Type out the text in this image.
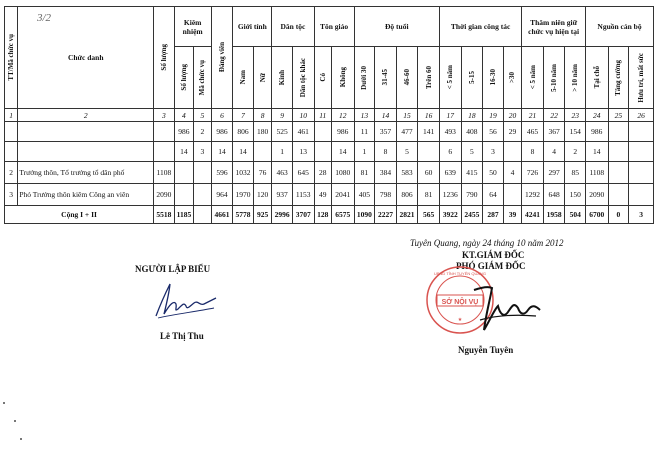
3/2
TT/Mã chức vụ	Chức danh	Số lượng	Kiêm nhiệm		Đảng viên	Giới tính		Dân tộc		Tôn giáo		Độ tuổi				Thời gian công tác				Thâm niên giữ chức vụ hiện tại			Nguồn cán bộ		

			Số lượng	Mã chức vụ		Nam	Nữ	Kinh	Dân tộc khác	Có	Không	Dưới 30	31-45	46-60	Trên 60	< 5 năm	5-15	16-30	>30	< 5 năm	5-10 năm	> 10 năm	Tại chỗ	Tăng cường	Hưu trí, mất sức

1	2	3	4	5	6	7	8	9	10	11	12	13	14	15	16	17	18	19	20	21	22	23	24	25	26
			986	2	986	806	180	525	461		986	11	357	477	141	493	408	56	29	465	367	154	986		
			14	3	14	14		1	13		14	1	8	5		6	5	3		8	4	2	14		
2	Trưởng thôn, Tổ trưởng tổ dân phố	1108			596	1032	76	463	645	28	1080	81	384	583	60	639	415	50	4	726	297	85	1108		
3	Phó Trưởng thôn kiêm Công an viên	2090			964	1970	120	937	1153	49	2041	405	798	806	81	1236	790	64		1292	648	150	2090		
Cộng I + II		5518	1185		4661	5778	925	2996	3707	128	6575	1090	2227	2821	565	3922	2455	287	39	4241	1958	504	6700	0	3
Tuyên Quang, ngày 24 tháng 10 năm 2012
NGƯỜI LẬP BIỂU
Lê Thị Thu
KT.GIÁM ĐỐC
PHÓ GIÁM ĐỐC
SỞ NỘI VỤ
UBND TỈNH TUYÊN QUANG
★
Nguyễn Tuyên
